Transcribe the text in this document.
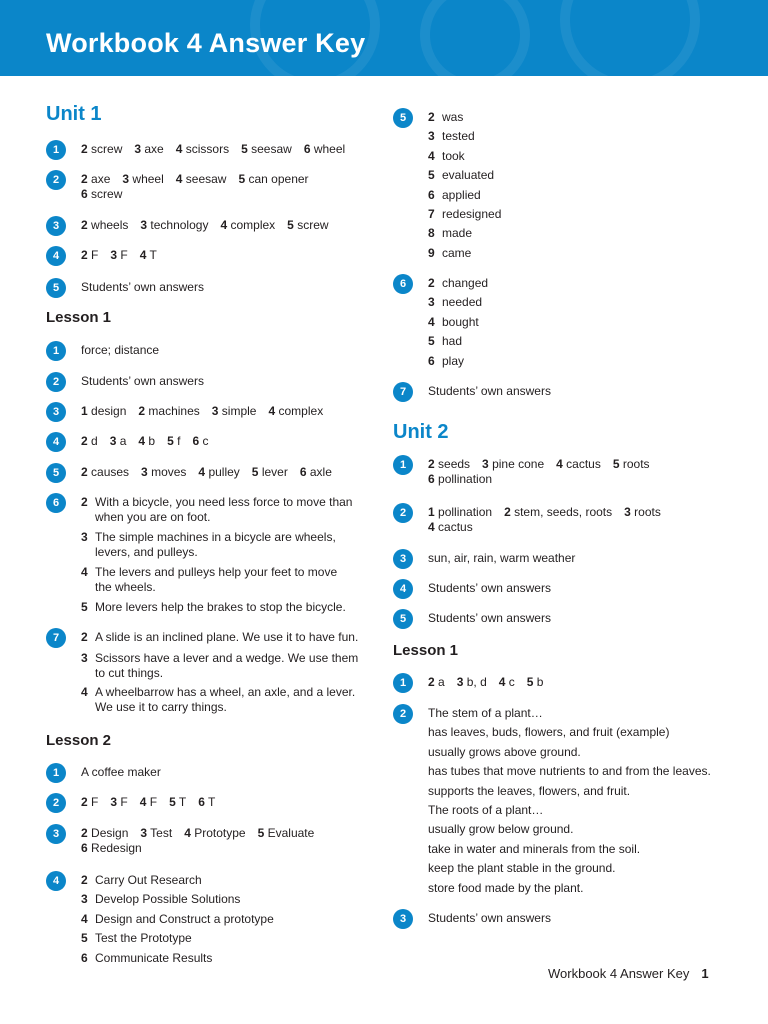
Workbook 4 Answer Key
Unit 1
Lesson 1
Lesson 2
1	2 screw 3 axe 4 scissors 5 seesaw 6 wheel
2	2 axe 3 wheel 4 seesaw 5 can opener
6 screw
3	2 wheels 3 technology 4 complex 5 screw
4	2 F 3 F 4 T
5	Students’ own answers
1	force; distance
2	Students’ own answers
3	1 design 2 machines 3 simple 4 complex
4	2 d 3 a 4 b 5 f 6 c
5	2 causes 3 moves 4 pulley 5 lever 6 axle
6	2 With a bicycle, you need less force to move than
when you are on foot.
3 The simple machines in a bicycle are wheels,
levers, and pulleys.
4 The levers and pulleys help your feet to move
the wheels.
5 More levers help the brakes to stop the bicycle.
7	2 A slide is an inclined plane. We use it to have fun.
3 Scissors have a lever and a wedge. We use them
to cut things.
4 A wheelbarrow has a wheel, an axle, and a lever.
We use it to carry things.
1	A coffee maker
2	2 F 3 F 4 F 5 T 6 T
3	2 Design 3 Test 4 Prototype 5 Evaluate
6 Redesign
4	2 Carry Out Research
3 Develop Possible Solutions
4 Design and Construct a prototype
5 Test the Prototype
6 Communicate Results
Unit 2
Lesson 1
5	2 was
3 tested
4 took
5 evaluated
6 applied
7 redesigned
8 made
9 came
6	2 changed
3 needed
4 bought
5 had
6 play
7	Students’ own answers
1	2 seeds 3 pine cone 4 cactus 5 roots
6 pollination
2	1 pollination 2 stem, seeds, roots 3 roots
4 cactus
3	sun, air, rain, warm weather
4	Students’ own answers
5	Students’ own answers
1	2 a 3 b, d 4 c 5 b
2	The stem of a plant…
has leaves, buds, flowers, and fruit (example)
usually grows above ground.
has tubes that move nutrients to and from the leaves.
supports the leaves, flowers, and fruit.
The roots of a plant…
usually grow below ground.
take in water and minerals from the soil.
keep the plant stable in the ground.
store food made by the plant.
3	Students’ own answers
Workbook 4 Answer Key 1
